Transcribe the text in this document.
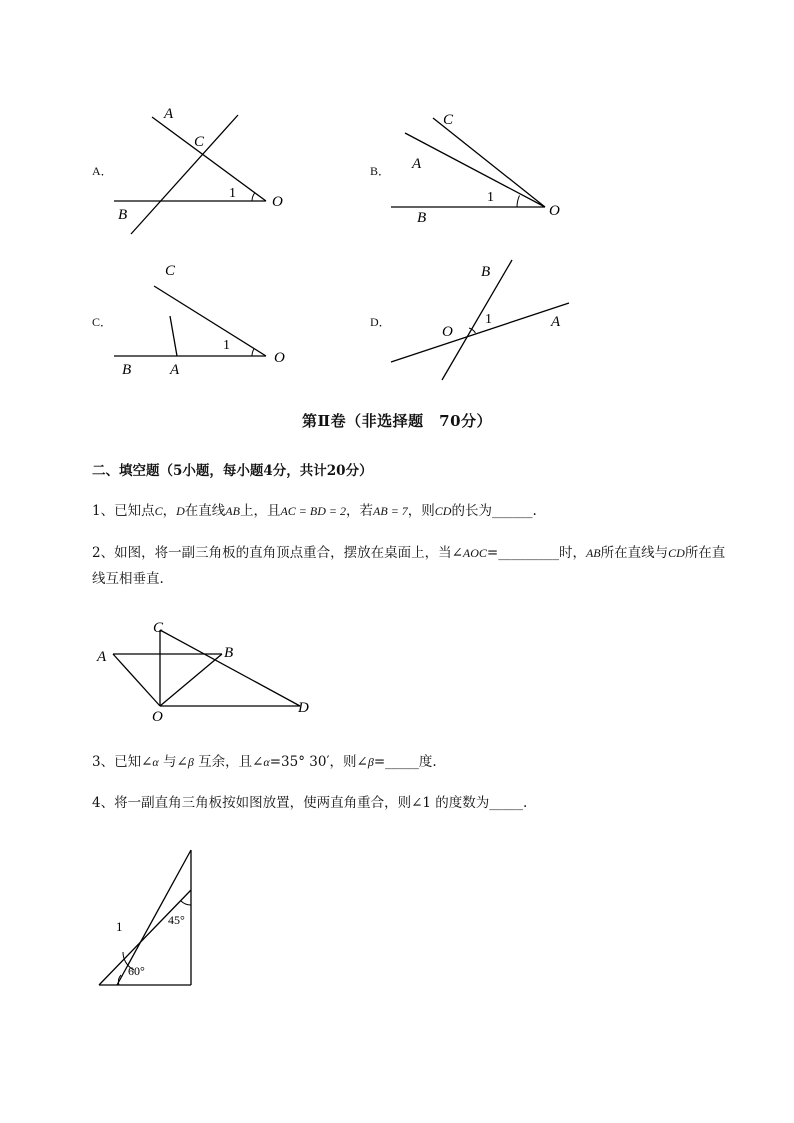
A．
A
C
B
O
1
B．
C
A
B	O
1
C．
C
B	A
O
1
D．
B
O
A
1
第Ⅱ卷（非选择题　70分）
二、填空题（5小题，每小题4分，共计20分）
1、已知点C，D在直线AB上，且AC = BD = 2，若AB = 7，则CD的长为______.
2、如图，将一副三角板的直角顶点重合，摆放在桌面上，当∠AOC=_________时，AB所在直线与CD所在直线互相垂直.
C
A	B
O
D
3、已知∠α 与∠β 互余，且∠α=35° 30′，则∠β=_____度.
4、将一副直角三角板按如图放置，使两直角重合，则∠1 的度数为_____.
1	45°
60°
